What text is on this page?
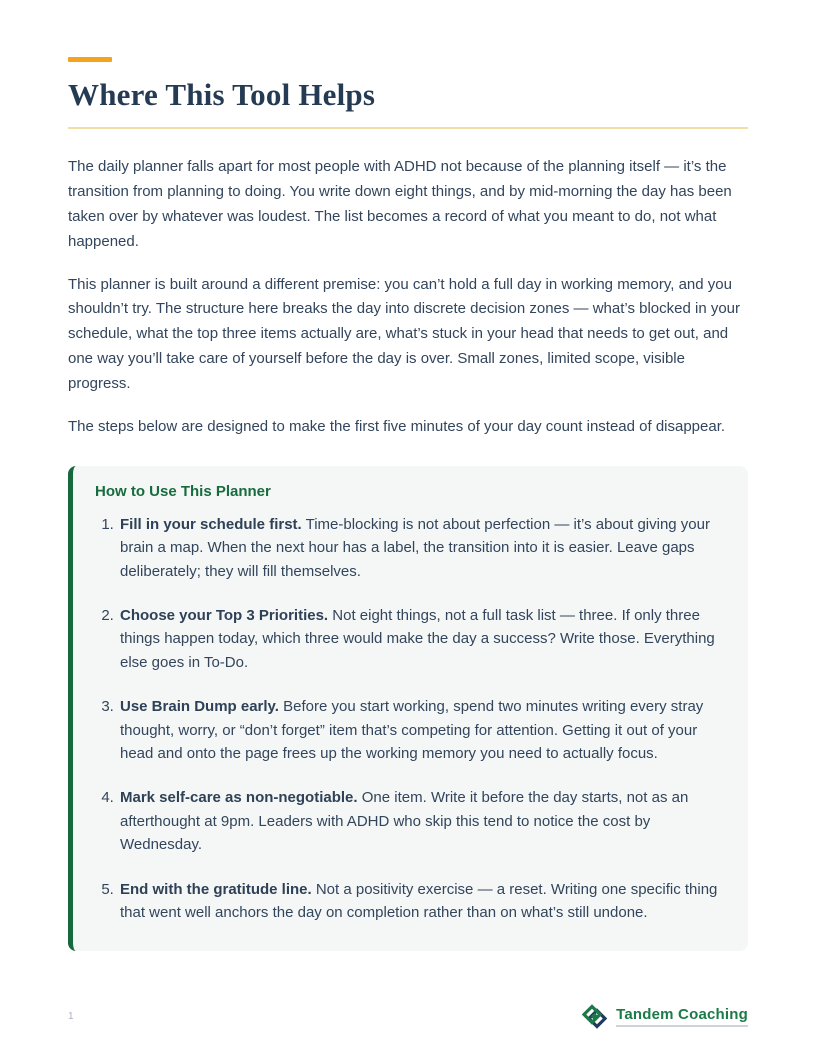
Where This Tool Helps

The daily planner falls apart for most people with ADHD not because of the planning itself — it’s the transition from planning to doing. You write down eight things, and by mid-morning the day has been taken over by whatever was loudest. The list becomes a record of what you meant to do, not what happened.

This planner is built around a different premise: you can’t hold a full day in working memory, and you shouldn’t try. The structure here breaks the day into discrete decision zones — what’s blocked in your schedule, what the top three items actually are, what’s stuck in your head that needs to get out, and one way you’ll take care of yourself before the day is over. Small zones, limited scope, visible progress.

The steps below are designed to make the first five minutes of your day count instead of disappear.

How to Use This Planner
1. Fill in your schedule first. Time-blocking is not about perfection — it’s about giving your brain a map. When the next hour has a label, the transition into it is easier. Leave gaps deliberately; they will fill themselves.
2. Choose your Top 3 Priorities. Not eight things, not a full task list — three. If only three things happen today, which three would make the day a success? Write those. Everything else goes in To-Do.
3. Use Brain Dump early. Before you start working, spend two minutes writing every stray thought, worry, or “don’t forget” item that’s competing for attention. Getting it out of your head and onto the page frees up the working memory you need to actually focus.
4. Mark self-care as non-negotiable. One item. Write it before the day starts, not as an afterthought at 9pm. Leaders with ADHD who skip this tend to notice the cost by Wednesday.
5. End with the gratitude line. Not a positivity exercise — a reset. Writing one specific thing that went well anchors the day on completion rather than on what’s still undone.
1	Tandem Coaching
